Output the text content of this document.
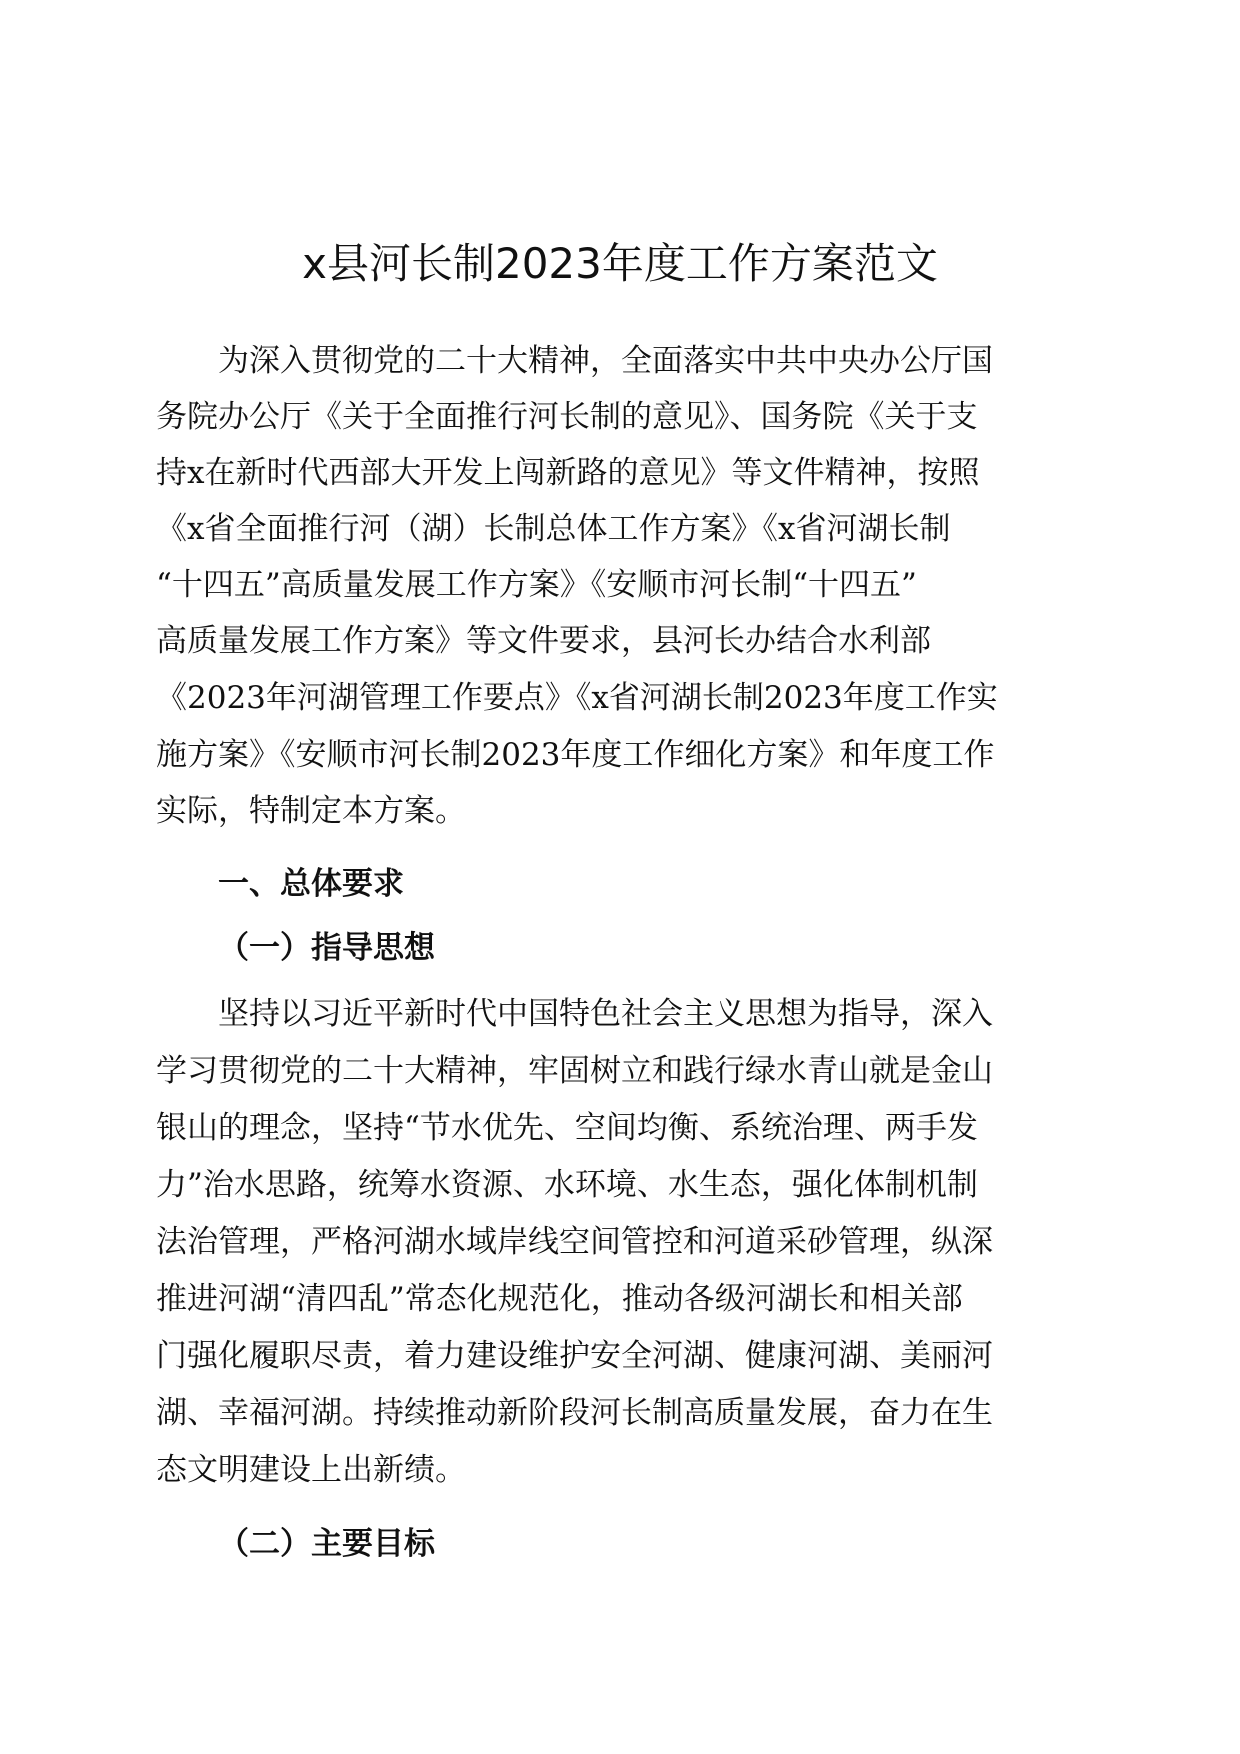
x县河长制2023年度工作方案范文
为深入贯彻党的二十大精神，全面落实中共中央办公厅国
务院办公厅《关于全面推行河长制的意见》、国务院《关于支
持x在新时代西部大开发上闯新路的意见》等文件精神，按照
《x省全面推行河（湖）长制总体工作方案》《x省河湖长制
“十四五”高质量发展工作方案》《安顺市河长制“十四五”
高质量发展工作方案》等文件要求，县河长办结合水利部
《2023年河湖管理工作要点》《x省河湖长制2023年度工作实
施方案》《安顺市河长制2023年度工作细化方案》和年度工作
实际，特制定本方案。
一、总体要求
（一）指导思想
坚持以习近平新时代中国特色社会主义思想为指导，深入
学习贯彻党的二十大精神，牢固树立和践行绿水青山就是金山
银山的理念，坚持“节水优先、空间均衡、系统治理、两手发
力”治水思路，统筹水资源、水环境、水生态，强化体制机制
法治管理，严格河湖水域岸线空间管控和河道采砂管理，纵深
推进河湖“清四乱”常态化规范化，推动各级河湖长和相关部
门强化履职尽责，着力建设维护安全河湖、健康河湖、美丽河
湖、幸福河湖。持续推动新阶段河长制高质量发展，奋力在生
态文明建设上出新绩。
（二）主要目标
